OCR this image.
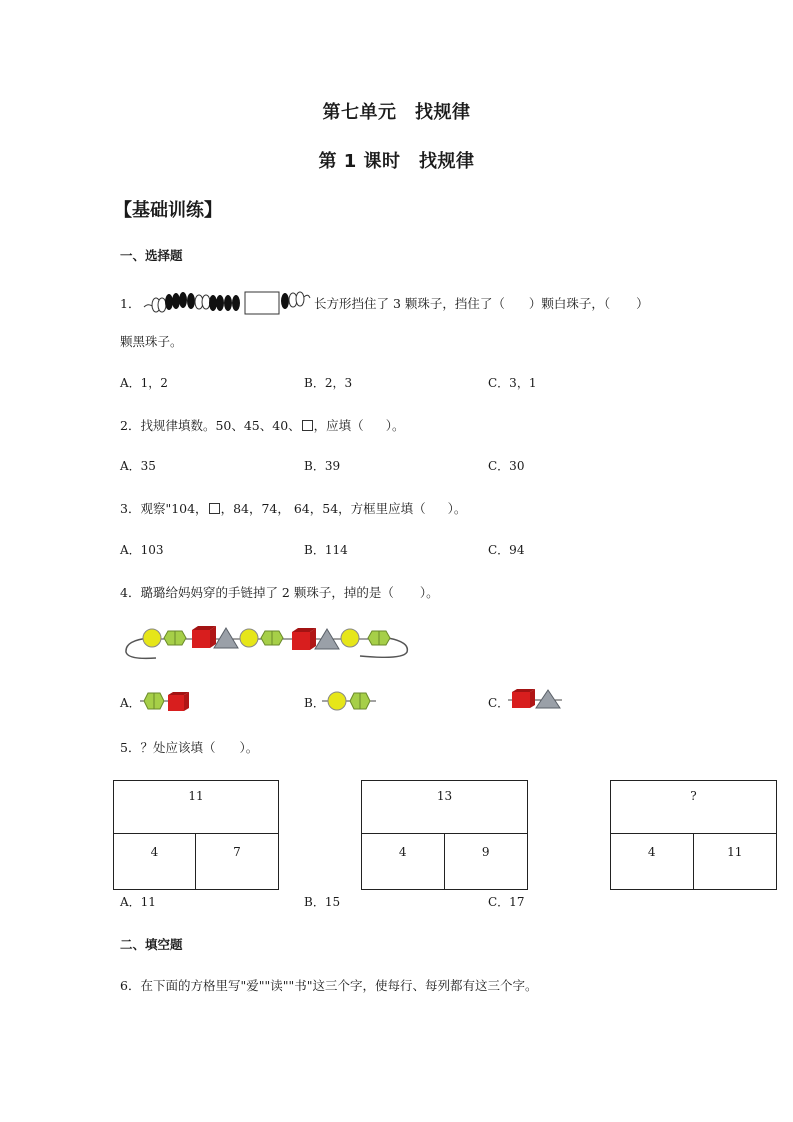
第七单元　找规律
第 1 课时　找规律
【基础训练】
一、选择题
1．	长方形挡住了 3 颗珠子，挡住了（ ）颗白珠子，（ ）
颗黑珠子。
A．1，2	B．2，3	C．3，1
2．找规律填数。50、45、40、 ，应填（ ）。
A．35	B．39	C．30
3．观察"104， ，84，74， 64，54，方框里应填（ ）。
A．103	B．114	C．94
4．璐璐给妈妈穿的手链掉了 2 颗珠子，掉的是（ ）。
A．	B．	C．
5．？处应该填（ ）。
11
4	7
13
4	9
?
4	11
A．11	B．15	C．17
二、填空题
6．在下面的方格里写"爱""读""书"这三个字，使每行、每列都有这三个字。
